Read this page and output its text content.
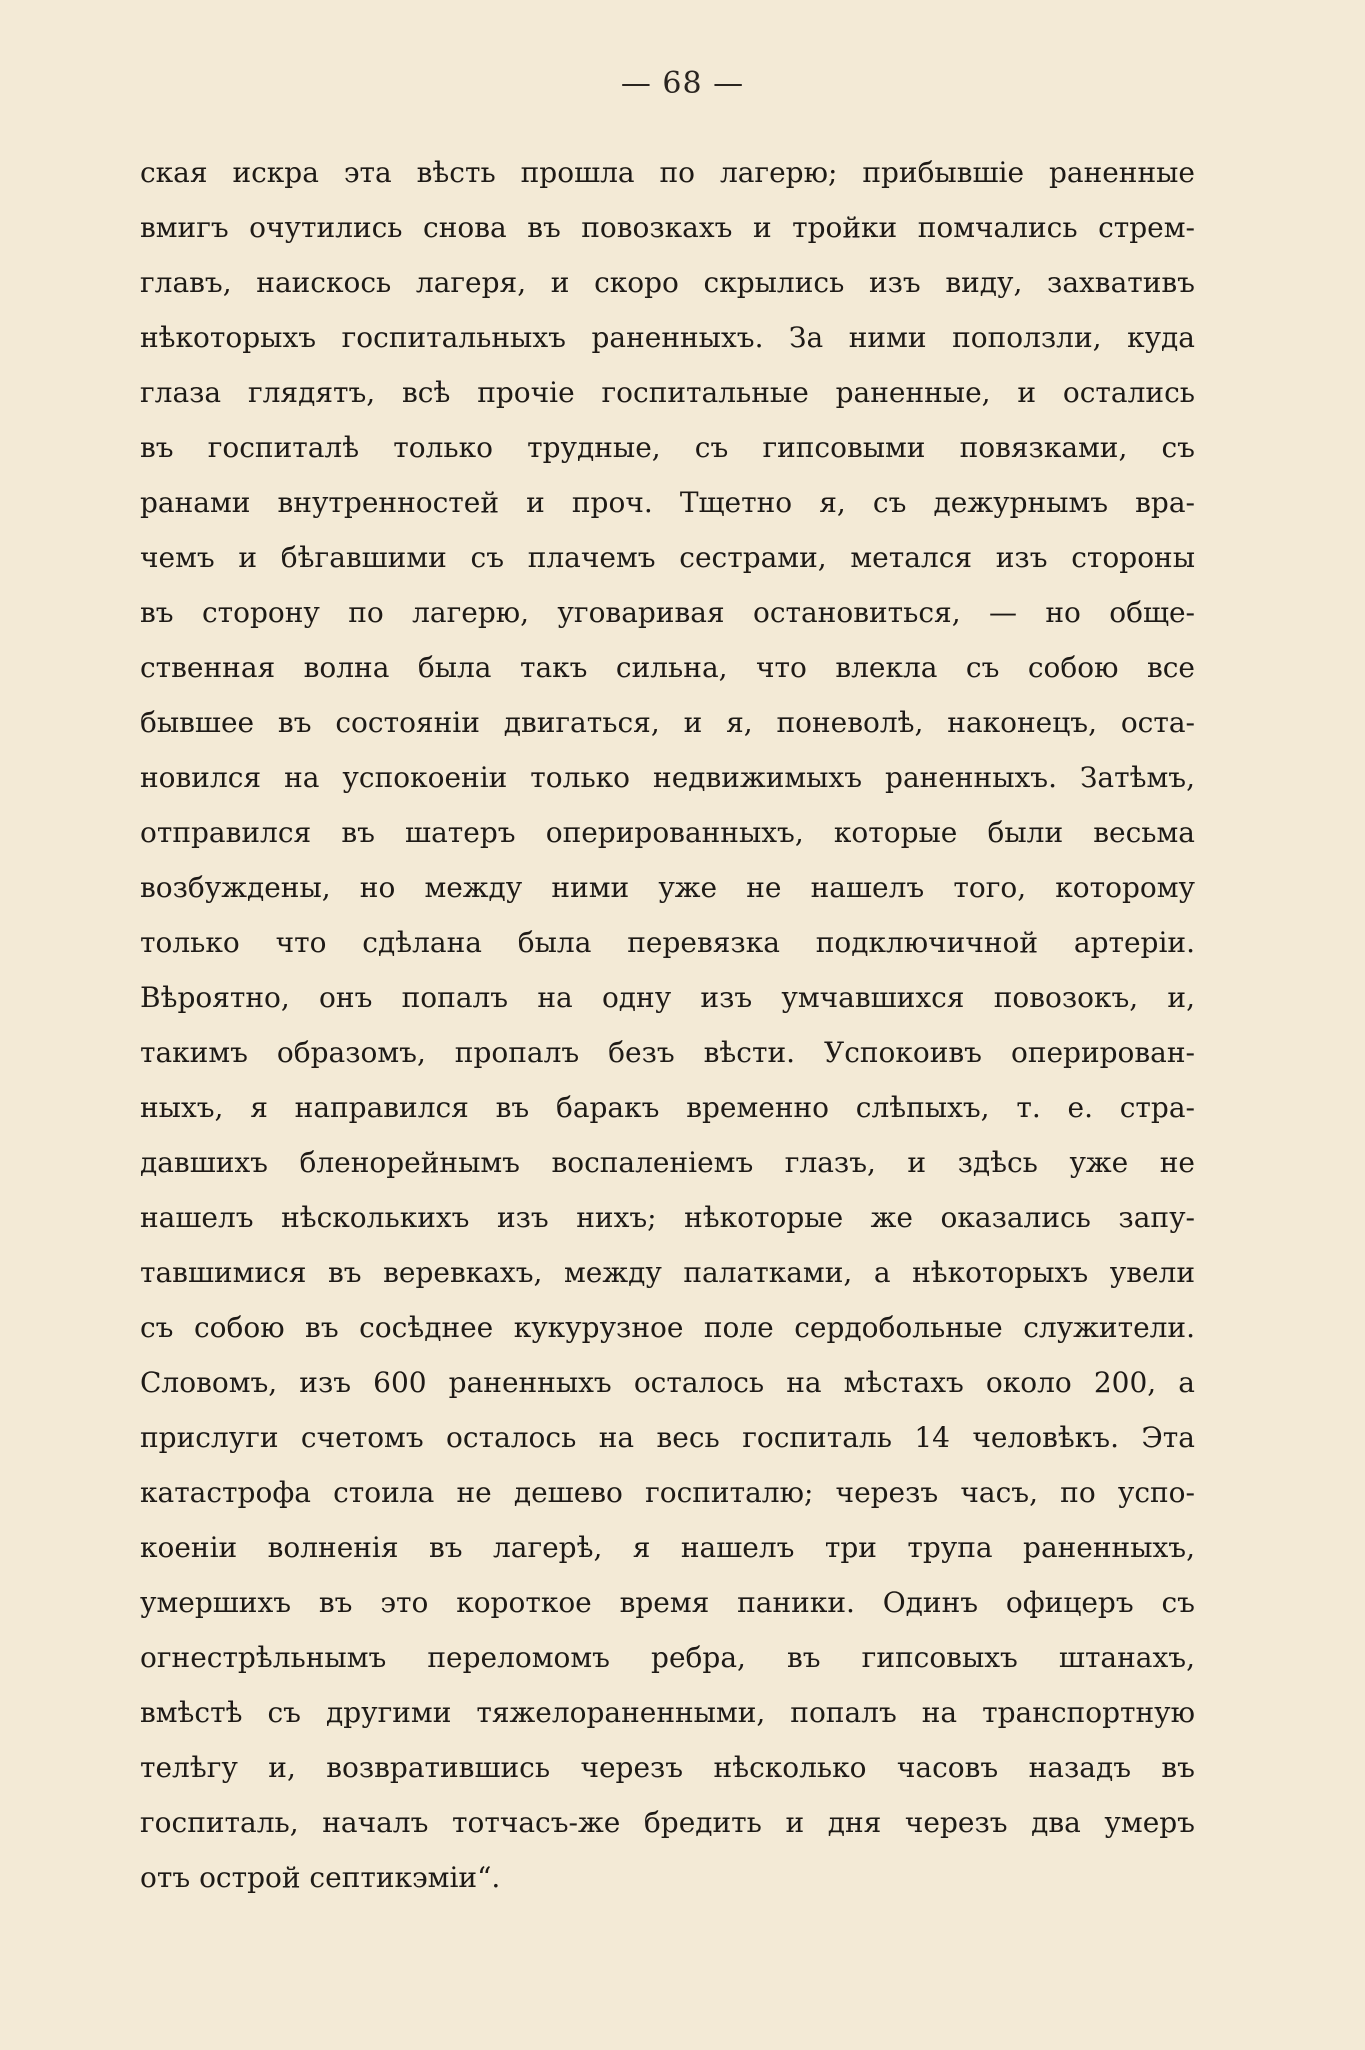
— 68 —
ская искра эта вѣсть прошла по лагерю; прибывшіе раненные
вмигъ очутились снова въ повозкахъ и тройки помчались стрем-
главъ, наискось лагеря, и скоро скрылись изъ виду, захвативъ
нѣкоторыхъ госпитальныхъ раненныхъ. За ними поползли, куда
глаза глядятъ, всѣ прочіе госпитальные раненные, и остались
въ госпиталѣ только трудные, съ гипсовыми повязками, съ
ранами внутренностей и проч. Тщетно я, съ дежурнымъ вра-
чемъ и бѣгавшими съ плачемъ сестрами, метался изъ стороны
въ сторону по лагерю, уговаривая остановиться, — но обще-
ственная волна была такъ сильна, что влекла съ собою все
бывшее въ состояніи двигаться, и я, поневолѣ, наконецъ, оста-
новился на успокоеніи только недвижимыхъ раненныхъ. Затѣмъ,
отправился въ шатеръ оперированныхъ, которые были весьма
возбуждены, но между ними уже не нашелъ того, которому
только что сдѣлана была перевязка подключичной артеріи.
Вѣроятно, онъ попалъ на одну изъ умчавшихся повозокъ, и,
такимъ образомъ, пропалъ безъ вѣсти. Успокоивъ оперирован-
ныхъ, я направился въ баракъ временно слѣпыхъ, т. е. стра-
давшихъ бленорейнымъ воспаленіемъ глазъ, и здѣсь уже не
нашелъ нѣсколькихъ изъ нихъ; нѣкоторые же оказались запу-
тавшимися въ веревкахъ, между палатками, а нѣкоторыхъ увели
съ собою въ сосѣднее кукурузное поле сердобольные служители.
Словомъ, изъ 600 раненныхъ осталось на мѣстахъ около 200, а
прислуги счетомъ осталось на весь госпиталь 14 человѣкъ. Эта
катастрофа стоила не дешево госпиталю; черезъ часъ, по успо-
коеніи волненія въ лагерѣ, я нашелъ три трупа раненныхъ,
умершихъ въ это короткое время паники. Одинъ офицеръ съ
огнестрѣльнымъ переломомъ ребра, въ гипсовыхъ штанахъ,
вмѣстѣ съ другими тяжелораненными, попалъ на транспортную
телѣгу и, возвратившись черезъ нѣсколько часовъ назадъ въ
госпиталь, началъ тотчасъ-же бредить и дня черезъ два умеръ
отъ острой септикэміи“.
